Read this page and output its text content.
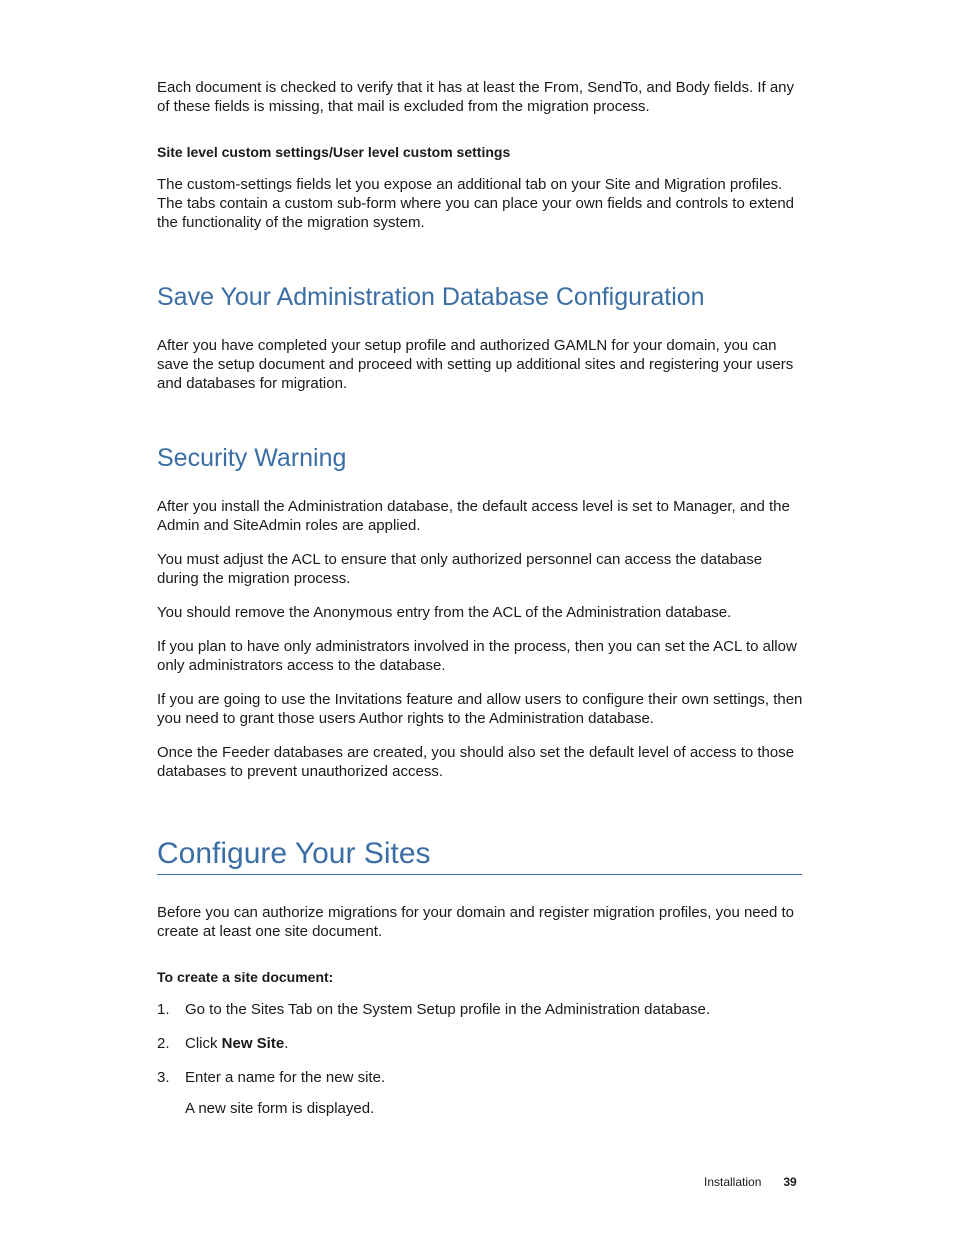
Each document is checked to verify that it has at least the From, SendTo, and Body fields. If any of these fields is missing, that mail is excluded from the migration process.

Site level custom settings/User level custom settings

The custom-settings fields let you expose an additional tab on your Site and Migration profiles. The tabs contain a custom sub-form where you can place your own fields and controls to extend the functionality of the migration system.

Save Your Administration Database Configuration

After you have completed your setup profile and authorized GAMLN for your domain, you can save the setup document and proceed with setting up additional sites and registering your users and databases for migration.

Security Warning

After you install the Administration database, the default access level is set to Manager, and the Admin and SiteAdmin roles are applied.

You must adjust the ACL to ensure that only authorized personnel can access the database during the migration process.

You should remove the Anonymous entry from the ACL of the Administration database.

If you plan to have only administrators involved in the process, then you can set the ACL to allow only administrators access to the database.

If you are going to use the Invitations feature and allow users to configure their own settings, then you need to grant those users Author rights to the Administration database.

Once the Feeder databases are created, you should also set the default level of access to those databases to prevent unauthorized access.

Configure Your Sites

Before you can authorize migrations for your domain and register migration profiles, you need to create at least one site document.

To create a site document:

1. Go to the Sites Tab on the System Setup profile in the Administration database.
2. Click New Site.
3. Enter a name for the new site.

A new site form is displayed.

Installation 39
